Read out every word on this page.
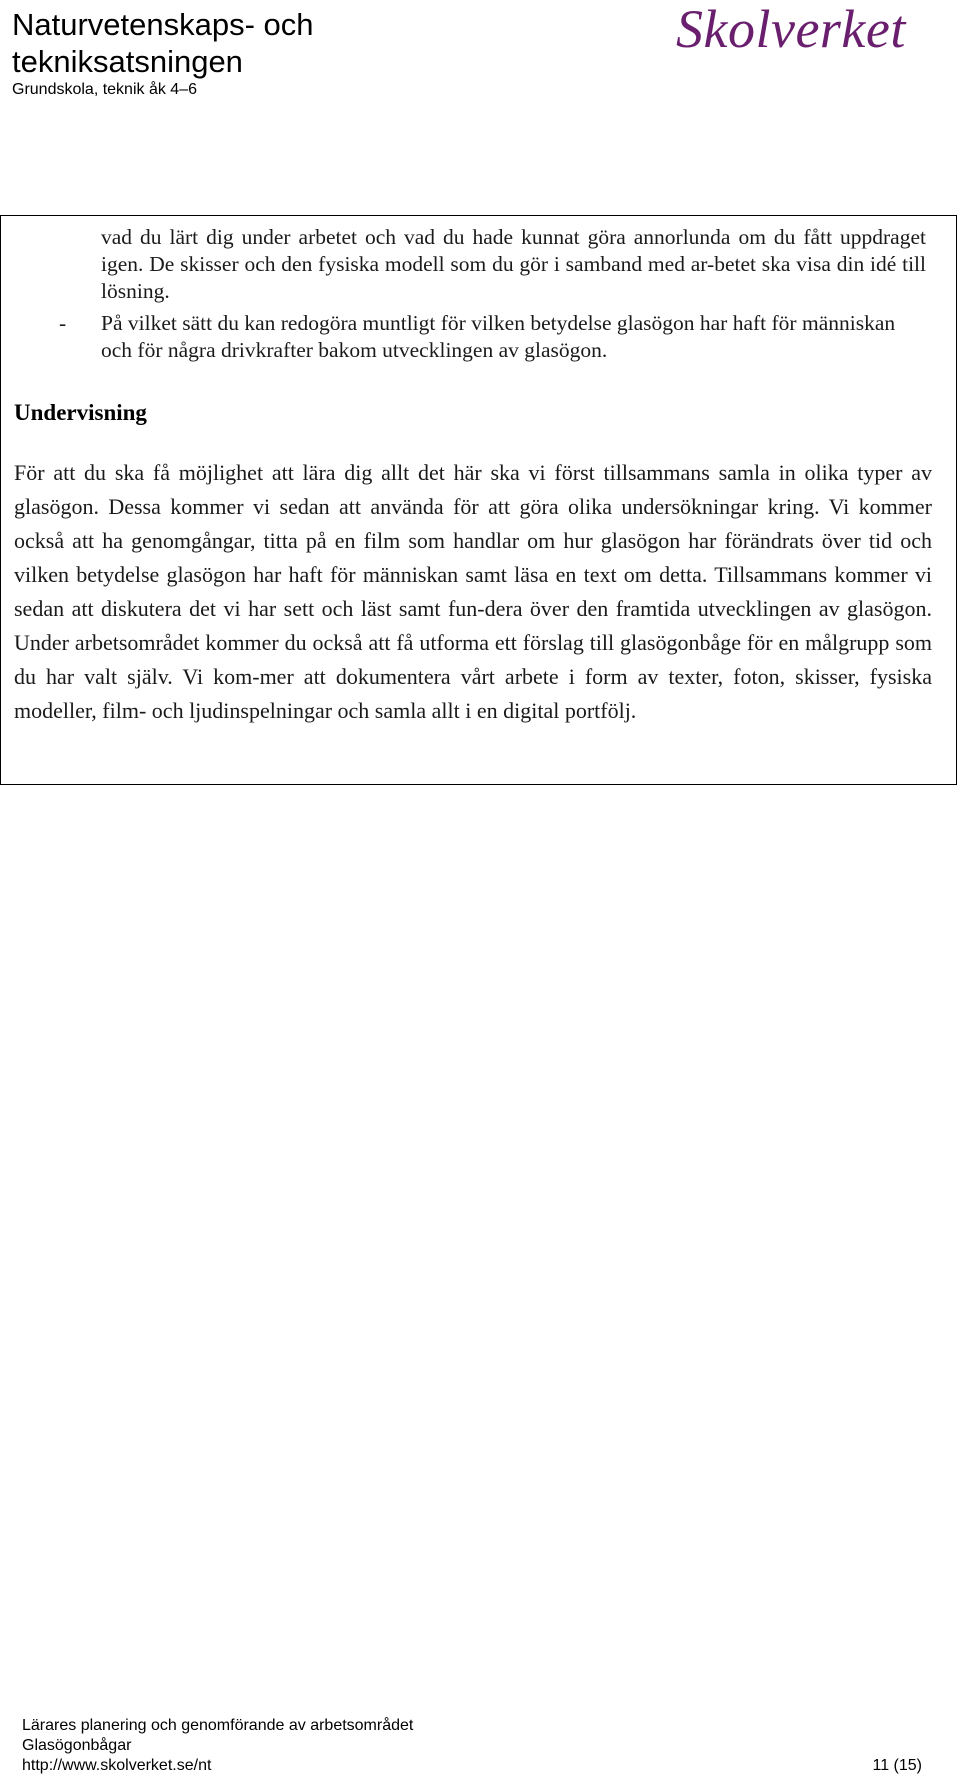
Naturvetenskaps- och tekniksatsningen
Grundskola, teknik åk 4–6
Skolverket
vad du lärt dig under arbetet och vad du hade kunnat göra annorlunda om du fått uppdraget igen. De skisser och den fysiska modell som du gör i samband med ar-betet ska visa din idé till lösning.
- På vilket sätt du kan redogöra muntligt för vilken betydelse glasögon har haft för människan och för några drivkrafter bakom utvecklingen av glasögon.
Undervisning
För att du ska få möjlighet att lära dig allt det här ska vi först tillsammans samla in olika typer av glasögon. Dessa kommer vi sedan att använda för att göra olika undersökningar kring. Vi kommer också att ha genomgångar, titta på en film som handlar om hur glasögon har förändrats över tid och vilken betydelse glasögon har haft för människan samt läsa en text om detta. Tillsammans kommer vi sedan att diskutera det vi har sett och läst samt fun-dera över den framtida utvecklingen av glasögon. Under arbetsområdet kommer du också att få utforma ett förslag till glasögonbåge för en målgrupp som du har valt själv. Vi kom-mer att dokumentera vårt arbete i form av texter, foton, skisser, fysiska modeller, film- och ljudinspelningar och samla allt i en digital portfölj.
Lärares planering och genomförande av arbetsområdet
Glasögonbågar
http://www.skolverket.se/nt	11 (15)
